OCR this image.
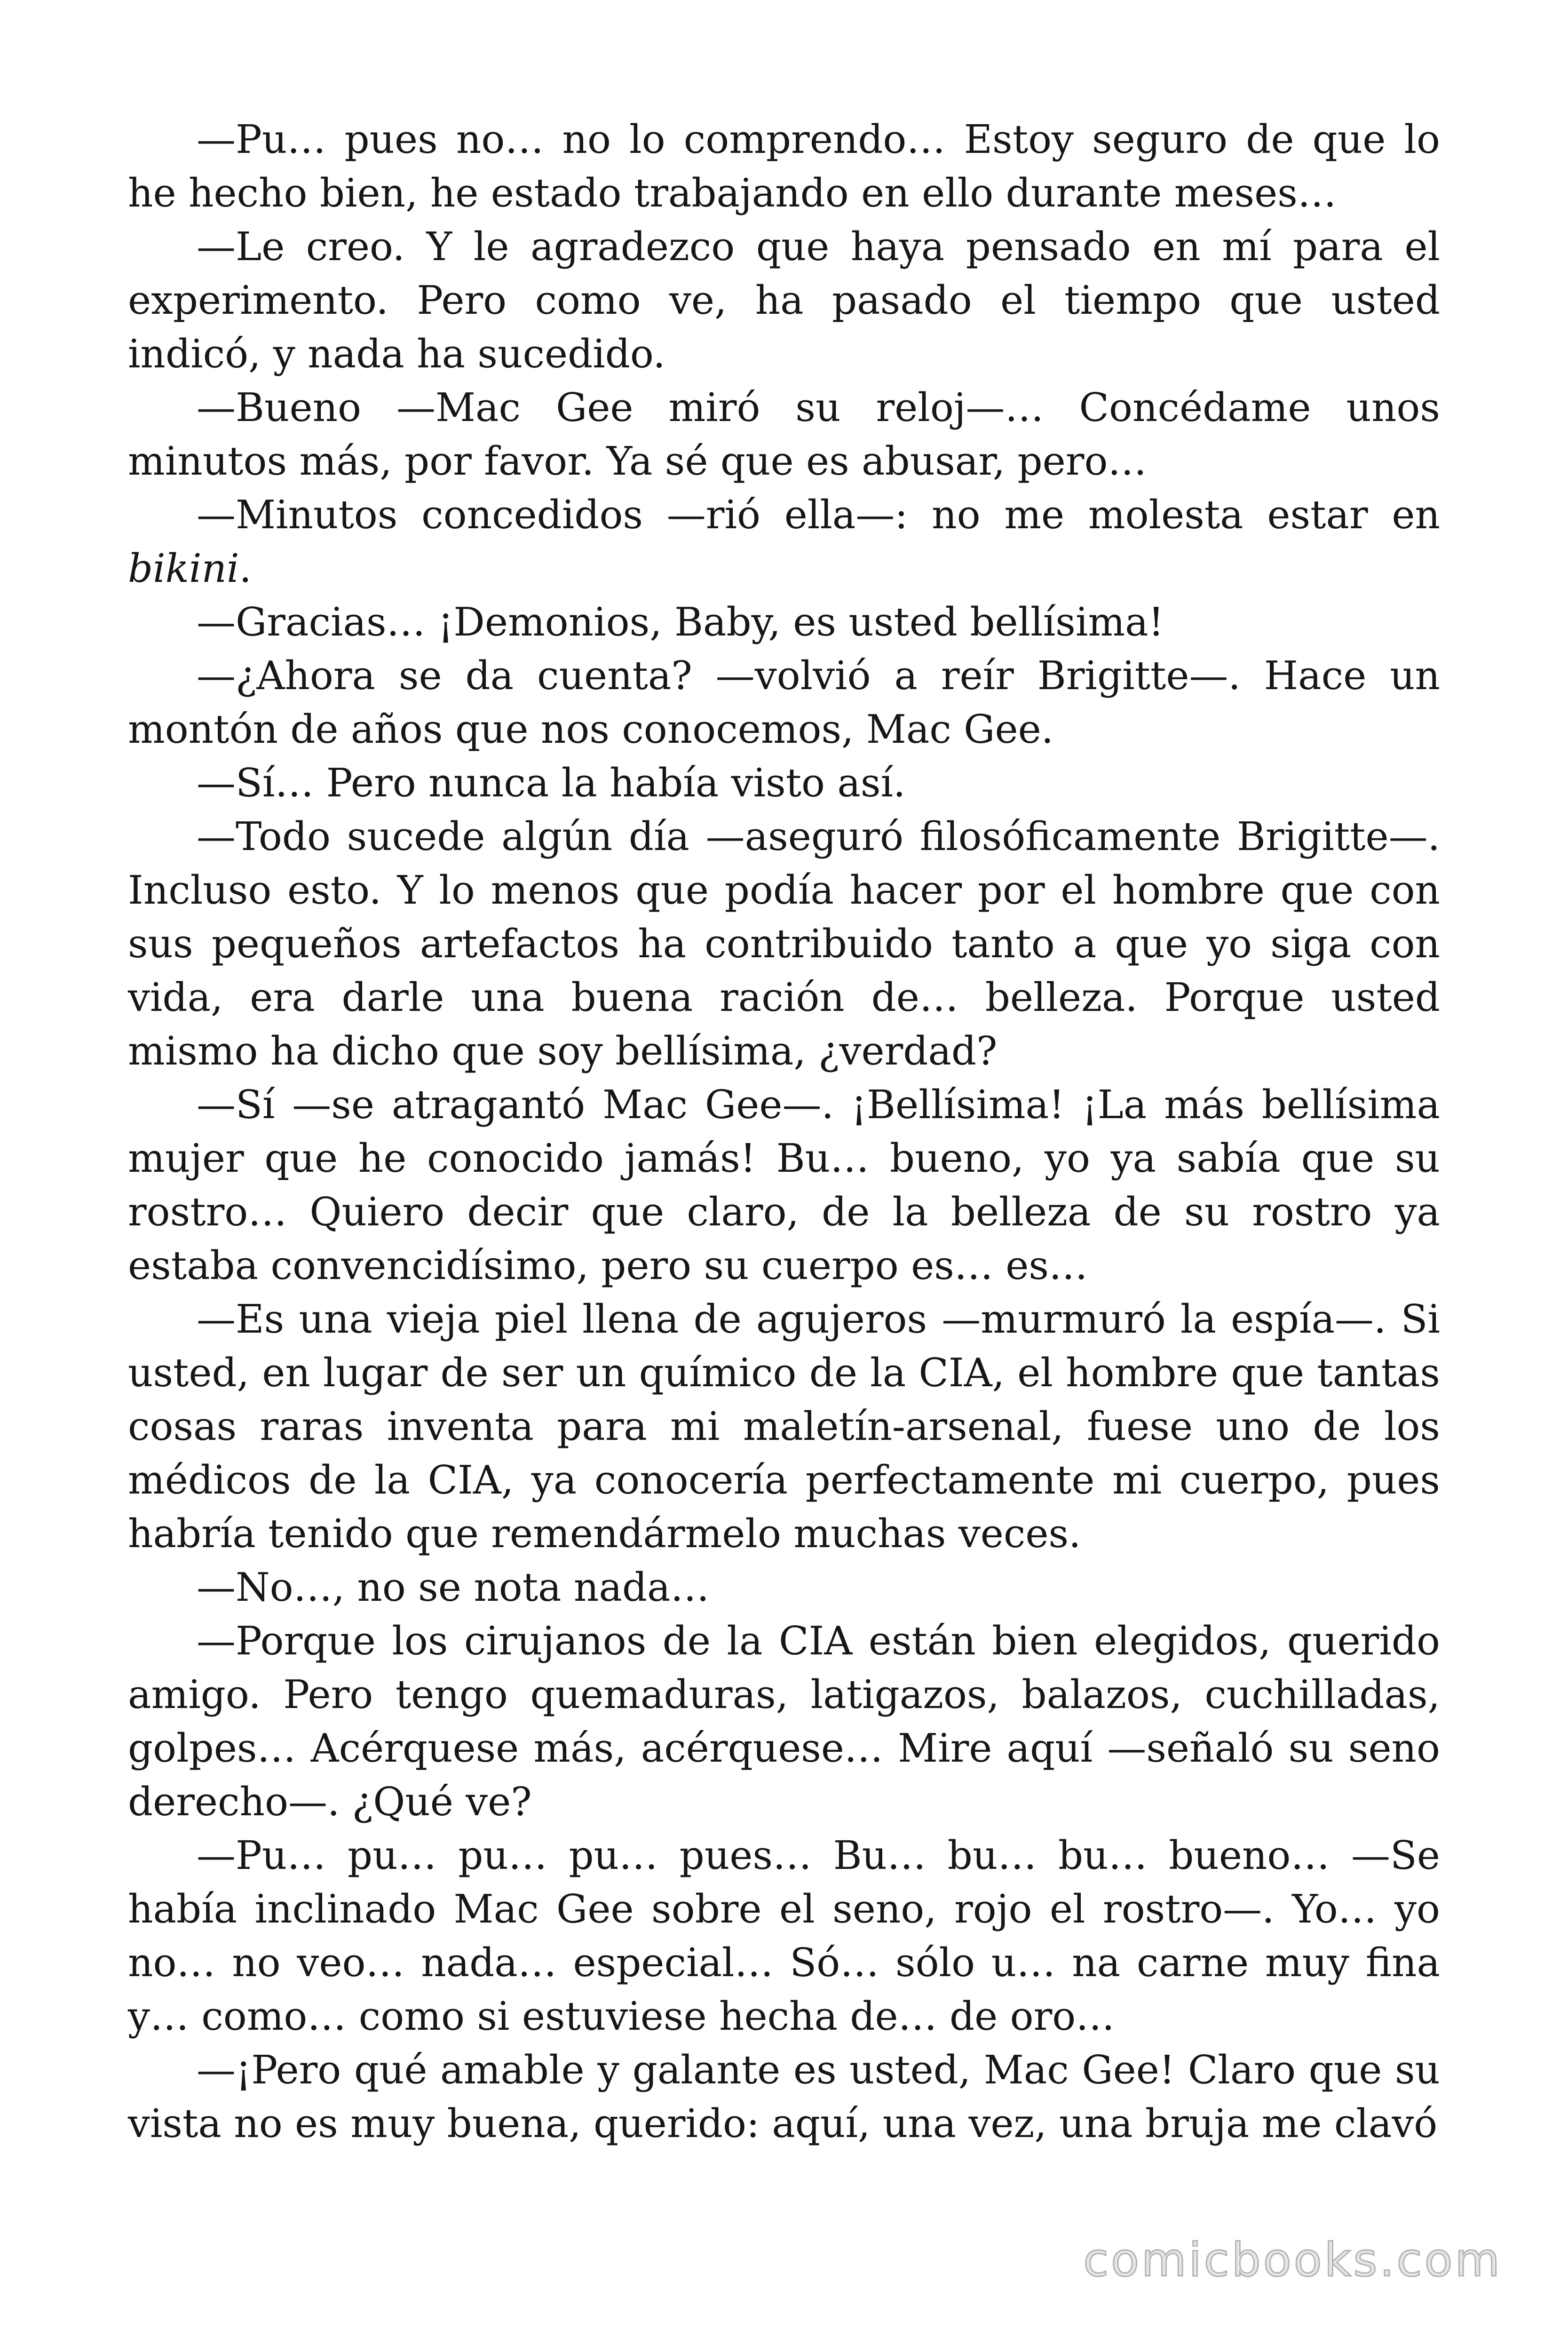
—Pu… pues no… no lo comprendo… Estoy seguro de que lo he hecho bien, he estado trabajando en ello durante meses…

—Le creo. Y le agradezco que haya pensado en mí para el experimento. Pero como ve, ha pasado el tiempo que usted indicó, y nada ha sucedido.

—Bueno —Mac Gee miró su reloj—… Concédame unos minutos más, por favor. Ya sé que es abusar, pero…

—Minutos concedidos —rió ella—: no me molesta estar en bikini.

—Gracias… ¡Demonios, Baby, es usted bellísima!

—¿Ahora se da cuenta? —volvió a reír Brigitte—. Hace un montón de años que nos conocemos, Mac Gee.

—Sí… Pero nunca la había visto así.

—Todo sucede algún día —aseguró filosóficamente Brigitte—. Incluso esto. Y lo menos que podía hacer por el hombre que con sus pequeños artefactos ha contribuido tanto a que yo siga con vida, era darle una buena ración de… belleza. Porque usted mismo ha dicho que soy bellísima, ¿verdad?

—Sí —se atragantó Mac Gee—. ¡Bellísima! ¡La más bellísima mujer que he conocido jamás! Bu… bueno, yo ya sabía que su rostro… Quiero decir que claro, de la belleza de su rostro ya estaba convencidísimo, pero su cuerpo es… es…

—Es una vieja piel llena de agujeros —murmuró la espía—. Si usted, en lugar de ser un químico de la CIA, el hombre que tantas cosas raras inventa para mi maletín-arsenal, fuese uno de los médicos de la CIA, ya conocería perfectamente mi cuerpo, pues habría tenido que remendármelo muchas veces.

—No…, no se nota nada…

—Porque los cirujanos de la CIA están bien elegidos, querido amigo. Pero tengo quemaduras, latigazos, balazos, cuchilladas, golpes… Acérquese más, acérquese… Mire aquí —señaló su seno derecho—. ¿Qué ve?

—Pu… pu… pu… pu… pues… Bu… bu… bu… bueno… —Se había inclinado Mac Gee sobre el seno, rojo el rostro—. Yo… yo no… no veo… nada… especial… Só… sólo u… na carne muy fina y… como… como si estuviese hecha de… de oro…

—¡Pero qué amable y galante es usted, Mac Gee! Claro que su vista no es muy buena, querido: aquí, una vez, una bruja me clavó

comicbooks.com
